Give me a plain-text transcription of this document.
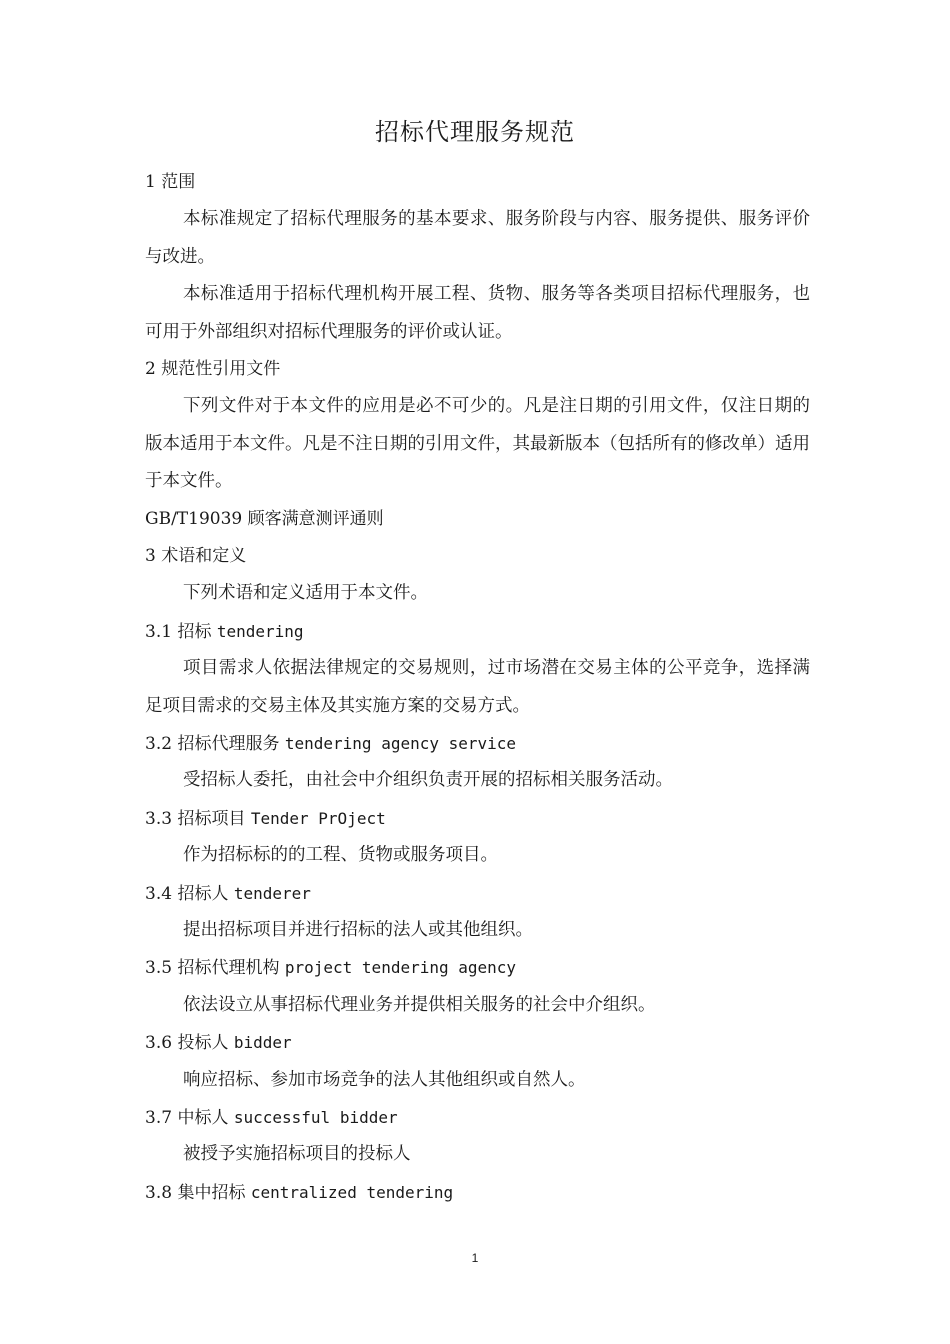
招标代理服务规范
1 范围
本标准规定了招标代理服务的基本要求、服务阶段与内容、服务提供、服务评价与改进。
本标准适用于招标代理机构开展工程、货物、服务等各类项目招标代理服务，也可用于外部组织对招标代理服务的评价或认证。
2 规范性引用文件
下列文件对于本文件的应用是必不可少的。凡是注日期的引用文件，仅注日期的版本适用于本文件。凡是不注日期的引用文件，其最新版本（包括所有的修改单）适用于本文件。
GB/T19039 顾客满意测评通则
3 术语和定义
下列术语和定义适用于本文件。
3.1 招标 tendering
项目需求人依据法律规定的交易规则，过市场潜在交易主体的公平竞争，选择满足项目需求的交易主体及其实施方案的交易方式。
3.2 招标代理服务 tendering agency service
受招标人委托，由社会中介组织负责开展的招标相关服务活动。
3.3 招标项目 Tender PrOject
作为招标标的的工程、货物或服务项目。
3.4 招标人 tenderer
提出招标项目并进行招标的法人或其他组织。
3.5 招标代理机构 project tendering agency
依法设立从事招标代理业务并提供相关服务的社会中介组织。
3.6 投标人 bidder
响应招标、参加市场竞争的法人其他组织或自然人。
3.7 中标人 successful bidder
被授予实施招标项目的投标人
3.8 集中招标 centralized tendering
1
